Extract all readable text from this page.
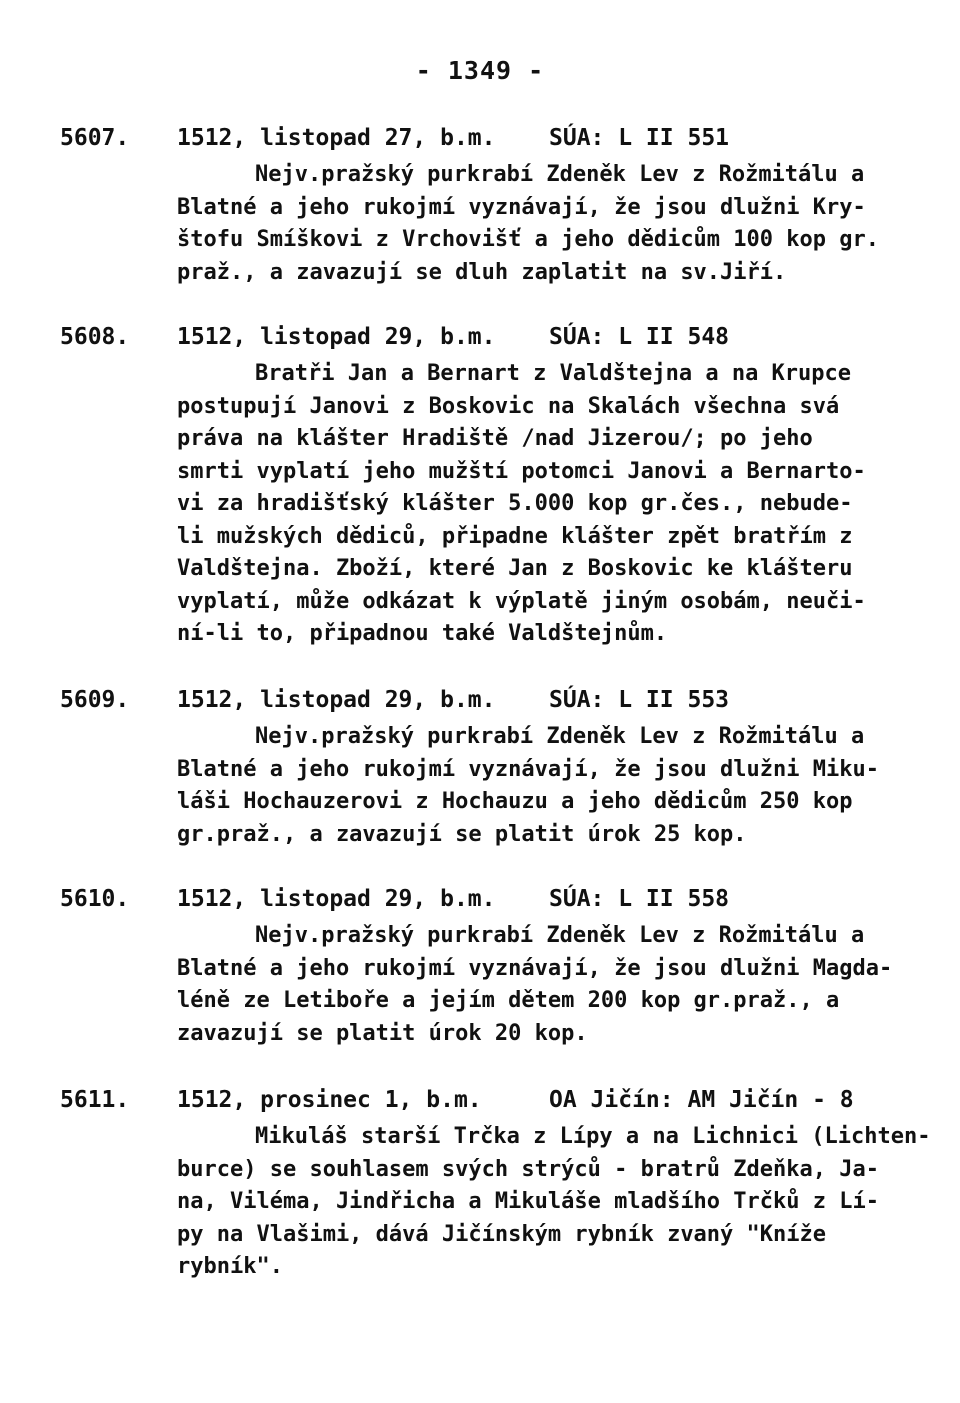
- 1349 -
5607. 1512, listopad 27, b.m. SÚA: L II 551
Nejv.pražský purkrabí Zdeněk Lev z Rožmitálu a
Blatné a jeho rukojmí vyznávají, že jsou dlužni Kry-
štofu Smíškovi z Vrchovišť a jeho dědicům 100 kop gr.
praž., a zavazují se dluh zaplatit na sv.Jiří.
5608. 1512, listopad 29, b.m. SÚA: L II 548
Bratři Jan a Bernart z Valdštejna a na Krupce
postupují Janovi z Boskovic na Skalách všechna svá
práva na klášter Hradiště /nad Jizerou/; po jeho
smrti vyplatí jeho mužští potomci Janovi a Bernarto-
vi za hradišťský klášter 5.000 kop gr.čes., nebude-
li mužských dědiců, připadne klášter zpět bratřím z
Valdštejna. Zboží, které Jan z Boskovic ke klášteru
vyplatí, může odkázat k výplatě jiným osobám, neuči-
ní-li to, připadnou také Valdštejnům.
5609. 1512, listopad 29, b.m. SÚA: L II 553
Nejv.pražský purkrabí Zdeněk Lev z Rožmitálu a
Blatné a jeho rukojmí vyznávají, že jsou dlužni Miku-
láši Hochauzerovi z Hochauzu a jeho dědicům 250 kop
gr.praž., a zavazují se platit úrok 25 kop.
5610. 1512, listopad 29, b.m. SÚA: L II 558
Nejv.pražský purkrabí Zdeněk Lev z Rožmitálu a
Blatné a jeho rukojmí vyznávají, že jsou dlužni Magda-
léně ze Letiboře a jejím dětem 200 kop gr.praž., a
zavazují se platit úrok 20 kop.
5611. 1512, prosinec 1, b.m.	OA Jičín: AM Jičín - 8
Mikuláš starší Trčka z Lípy a na Lichnici (Lichten-
burce) se souhlasem svých strýců - bratrů Zdeňka, Ja-
na, Viléma, Jindřicha a Mikuláše mladšího Trčků z Lí-
py na Vlašimi, dává Jičínským rybník zvaný "Kníže
rybník".
